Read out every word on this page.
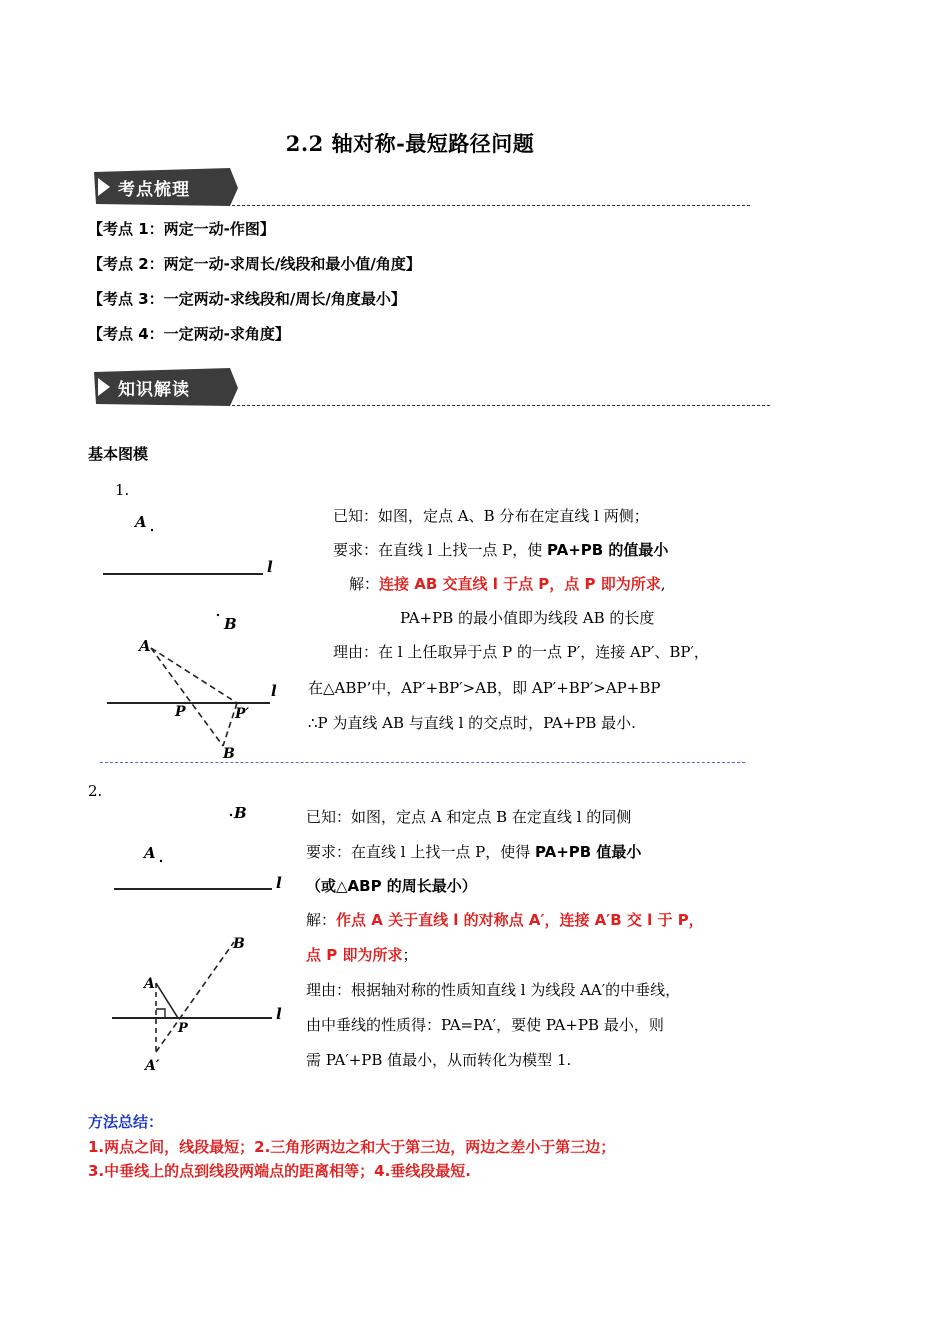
2.2 轴对称-最短路径问题
考点梳理
【考点 1：两定一动-作图】
【考点 2：两定一动-求周长/线段和最小值/角度】
【考点 3：一定两动-求线段和/周长/角度最小】
【考点 4：一定两动-求角度】
知识解读
基本图模
1.
A
l
B
A
l
P	P′
B
已知：如图，定点 A、B 分布在定直线 l 两侧；
要求：在直线 l 上找一点 P，使 PA+PB 的值最小
解：连接 AB 交直线 l 于点 P，点 P 即为所求,
PA+PB 的最小值即为线段 AB 的长度
理由：在 l 上任取异于点 P 的一点 P′，连接 AP′、BP′，
在△ABP’中，AP′+BP′>AB，即 AP′+BP′>AP+BP
∴P 为直线 AB 与直线 l 的交点时，PA+PB 最小.
2.
B
A
l
B
A
l
P
A′
已知：如图，定点 A 和定点 B 在定直线 l 的同侧
要求：在直线 l 上找一点 P，使得 PA+PB 值最小
（或△ABP 的周长最小）
解：作点 A 关于直线 l 的对称点 A′，连接 A′B 交 l 于 P，
点 P 即为所求；
理由：根据轴对称的性质知直线 l 为线段 AA′的中垂线，
由中垂线的性质得：PA=PA′，要使 PA+PB 最小，则
需 PA′+PB 值最小，从而转化为模型 1.
方法总结：
1.两点之间，线段最短；2.三角形两边之和大于第三边，两边之差小于第三边；
3.中垂线上的点到线段两端点的距离相等；4.垂线段最短.
